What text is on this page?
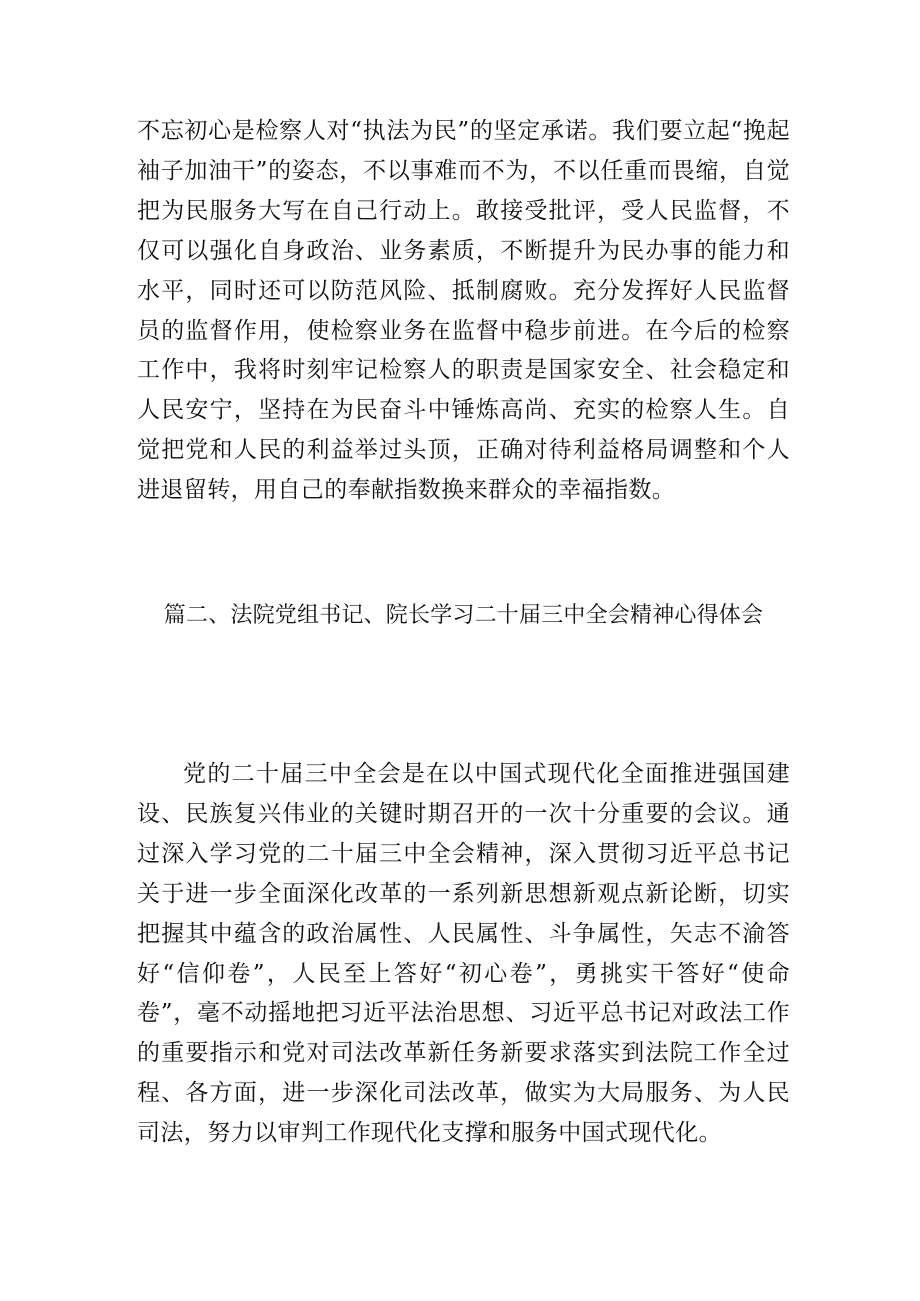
不忘初心是检察人对“执法为民”的坚定承诺。我们要立起“挽起袖子加油干”的姿态，不以事难而不为，不以任重而畏缩，自觉把为民服务大写在自己行动上。敢接受批评，受人民监督，不仅可以强化自身政治、业务素质，不断提升为民办事的能力和水平，同时还可以防范风险、抵制腐败。充分发挥好人民监督员的监督作用，使检察业务在监督中稳步前进。在今后的检察工作中，我将时刻牢记检察人的职责是国家安全、社会稳定和人民安宁，坚持在为民奋斗中锤炼高尚、充实的检察人生。自觉把党和人民的利益举过头顶，正确对待利益格局调整和个人进退留转，用自己的奉献指数换来群众的幸福指数。

篇二、法院党组书记、院长学习二十届三中全会精神心得体会

党的二十届三中全会是在以中国式现代化全面推进强国建设、民族复兴伟业的关键时期召开的一次十分重要的会议。通过深入学习党的二十届三中全会精神，深入贯彻习近平总书记关于进一步全面深化改革的一系列新思想新观点新论断，切实把握其中蕴含的政治属性、人民属性、斗争属性，矢志不渝答好“信仰卷”，人民至上答好“初心卷”，勇挑实干答好“使命卷”，毫不动摇地把习近平法治思想、习近平总书记对政法工作的重要指示和党对司法改革新任务新要求落实到法院工作全过程、各方面，进一步深化司法改革，做实为大局服务、为人民司法，努力以审判工作现代化支撑和服务中国式现代化。
